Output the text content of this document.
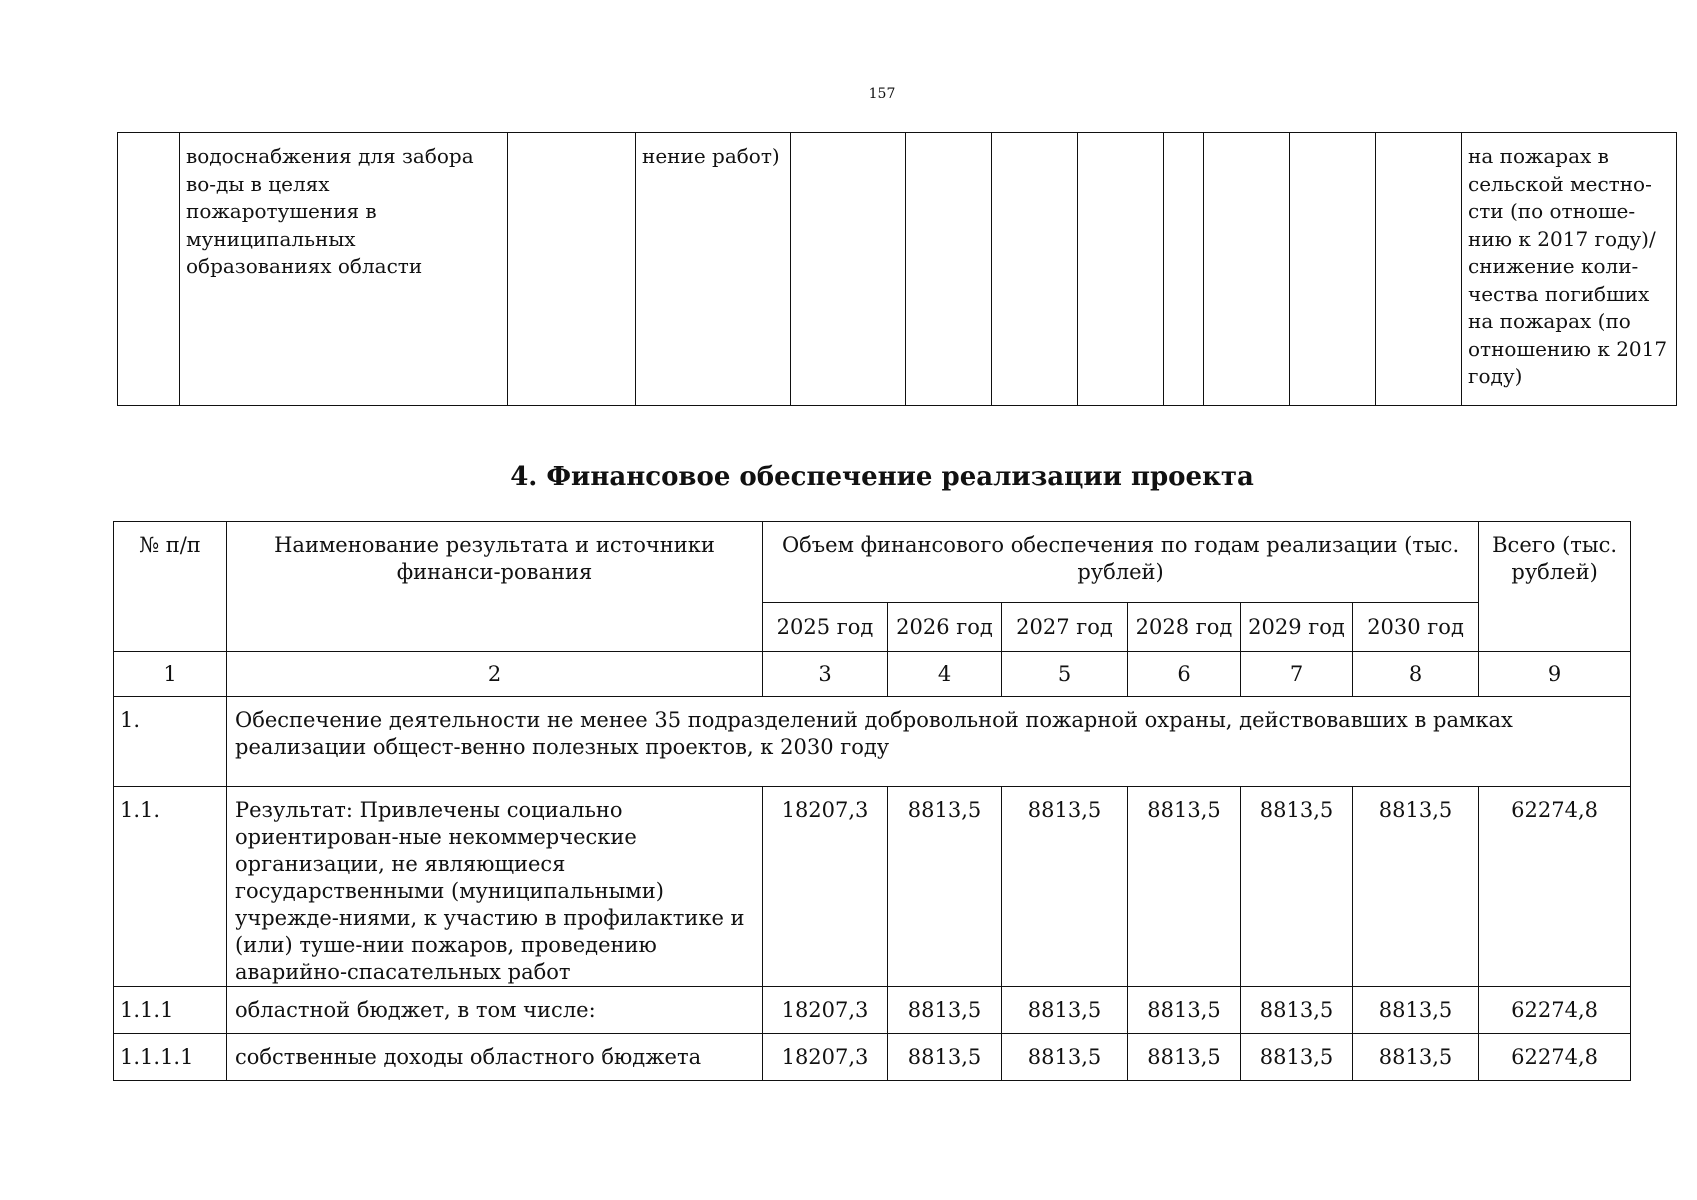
157
	водоснабжения для забора во-ды в целях пожаротушения в муниципальных образованиях области		нение работ)									на пожарах в сельской местно-сти (по отноше-нию к 2017 году)/ снижение коли-чества погибших на пожарах (по отношению к 2017 году)
4. Финансовое обеспечение реализации проекта
№ п/п	Наименование результата и источники финанси-рования	Объем финансового обеспечения по годам реализации (тыс. рублей)						Всего (тыс. рублей)
		2025 год	2026 год	2027 год	2028 год	2029 год	2030 год	
1	2	3	4	5	6	7	8	9
1.	Обеспечение деятельности не менее 35 подразделений добровольной пожарной охраны, действовавших в рамках реализации общест-венно полезных проектов, к 2030 году							
1.1.	Результат: Привлечены социально ориентирован-ные некоммерческие организации, не являющиеся государственными (муниципальными) учрежде-ниями, к участию в профилактике и (или) туше-нии пожаров, проведению аварийно-спасательных работ	18207,3	8813,5	8813,5	8813,5	8813,5	8813,5	62274,8
1.1.1	областной бюджет, в том числе:	18207,3	8813,5	8813,5	8813,5	8813,5	8813,5	62274,8
1.1.1.1	собственные доходы областного бюджета	18207,3	8813,5	8813,5	8813,5	8813,5	8813,5	62274,8
